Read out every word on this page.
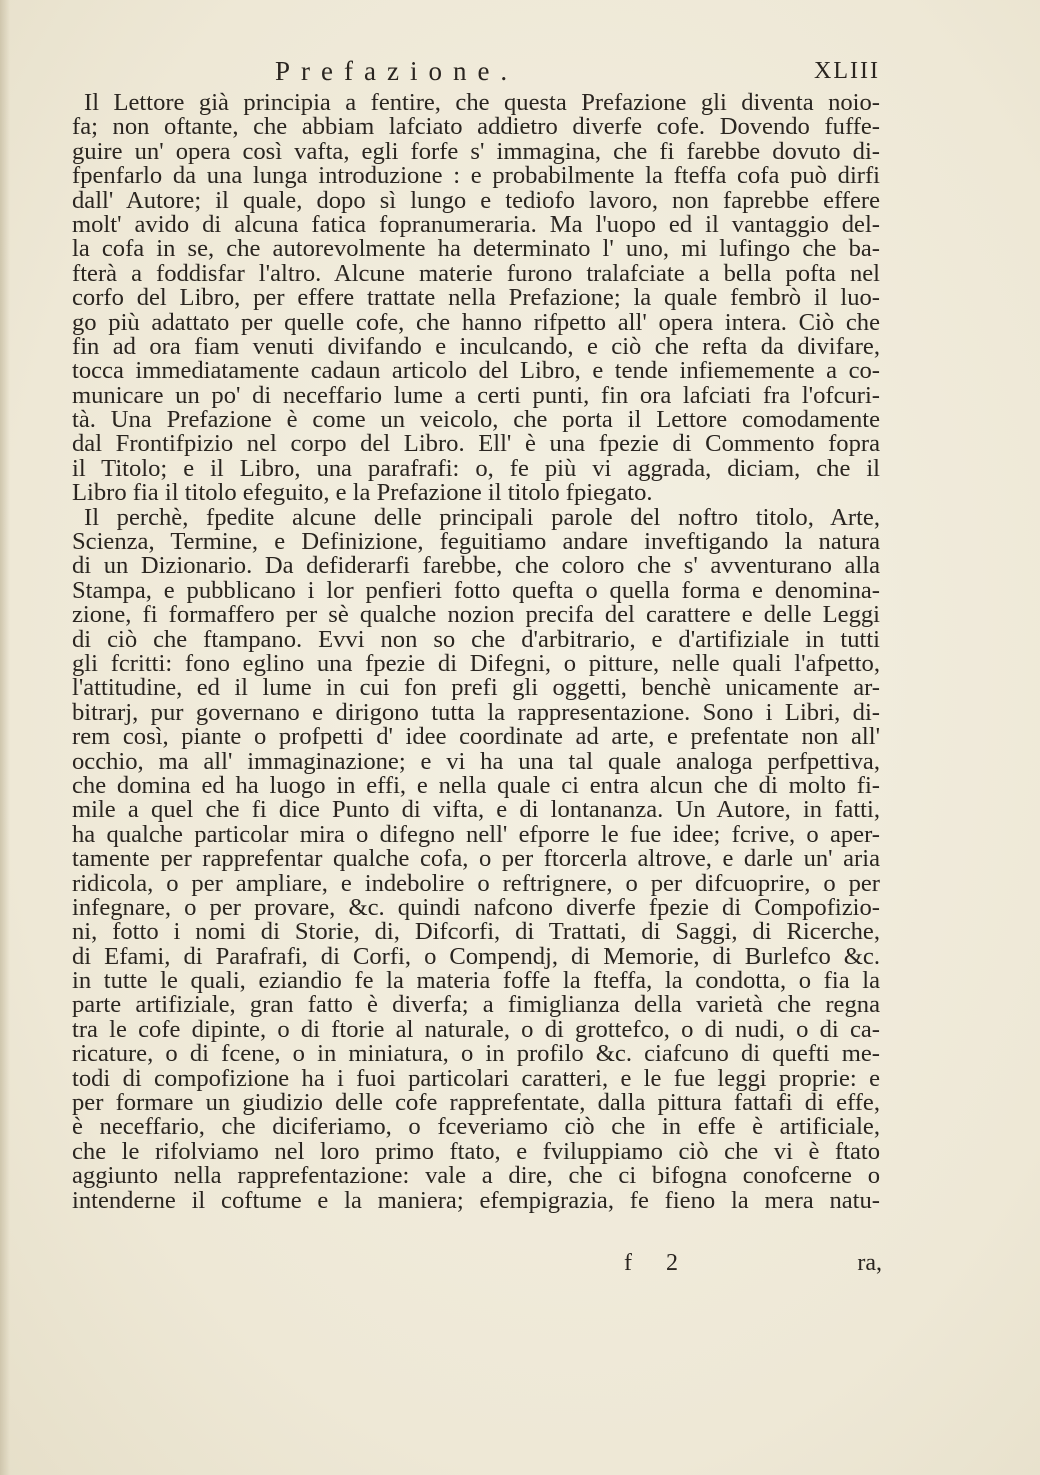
Prefazione.	XLIII
Il Lettore già principia a fentire, che questa Prefazione gli diventa noio-
fa; non oftante, che abbiam lafciato addietro diverfe cofe. Dovendo fuffe-
guire un' opera così vafta, egli forfe s' immagina, che fi farebbe dovuto di-
fpenfarlo da una lunga introduzione : e probabilmente la fteffa cofa può dirfi
dall' Autore; il quale, dopo sì lungo e tediofo lavoro, non faprebbe effere
molt' avido di alcuna fatica fopranumeraria. Ma l'uopo ed il vantaggio del-
la cofa in se, che autorevolmente ha determinato l' uno, mi lufingo che ba-
fterà a foddisfar l'altro. Alcune materie furono tralafciate a bella pofta nel
corfo del Libro, per effere trattate nella Prefazione; la quale fembrò il luo-
go più adattato per quelle cofe, che hanno rifpetto all' opera intera. Ciò che
fin ad ora fiam venuti divifando e inculcando, e ciò che refta da divifare,
tocca immediatamente cadaun articolo del Libro, e tende infiememente a co-
municare un po' di neceffario lume a certi punti, fin ora lafciati fra l'ofcuri-
tà. Una Prefazione è come un veicolo, che porta il Lettore comodamente
dal Frontifpizio nel corpo del Libro. Ell' è una fpezie di Commento fopra
il Titolo; e il Libro, una parafrafi: o, fe più vi aggrada, diciam, che il
Libro fia il titolo efeguito, e la Prefazione il titolo fpiegato.
Il perchè, fpedite alcune delle principali parole del noftro titolo, Arte,
Scienza, Termine, e Definizione, feguitiamo andare inveftigando la natura
di un Dizionario. Da defiderarfi farebbe, che coloro che s' avventurano alla
Stampa, e pubblicano i lor penfieri fotto quefta o quella forma e denomina-
zione, fi formaffero per sè qualche nozion precifa del carattere e delle Leggi
di ciò che ftampano. Evvi non so che d'arbitrario, e d'artifiziale in tutti
gli fcritti: fono eglino una fpezie di Difegni, o pitture, nelle quali l'afpetto,
l'attitudine, ed il lume in cui fon prefi gli oggetti, benchè unicamente ar-
bitrarj, pur governano e dirigono tutta la rappresentazione. Sono i Libri, di-
rem così, piante o profpetti d' idee coordinate ad arte, e prefentate non all'
occhio, ma all' immaginazione; e vi ha una tal quale analoga perfpettiva,
che domina ed ha luogo in effi, e nella quale ci entra alcun che di molto fi-
mile a quel che fi dice Punto di vifta, e di lontananza. Un Autore, in fatti,
ha qualche particolar mira o difegno nell' efporre le fue idee; fcrive, o aper-
tamente per rapprefentar qualche cofa, o per ftorcerla altrove, e darle un' aria
ridicola, o per ampliare, e indebolire o reftrignere, o per difcuoprire, o per
infegnare, o per provare, &c. quindi nafcono diverfe fpezie di Compofizio-
ni, fotto i nomi di Storie, di, Difcorfi, di Trattati, di Saggi, di Ricerche,
di Efami, di Parafrafi, di Corfi, o Compendj, di Memorie, di Burlefco &c.
in tutte le quali, eziandio fe la materia foffe la fteffa, la condotta, o fia la
parte artifiziale, gran fatto è diverfa; a fimiglianza della varietà che regna
tra le cofe dipinte, o di ftorie al naturale, o di grottefco, o di nudi, o di ca-
ricature, o di fcene, o in miniatura, o in profilo &c. ciafcuno di quefti me-
todi di compofizione ha i fuoi particolari caratteri, e le fue leggi proprie: e
per formare un giudizio delle cofe rapprefentate, dalla pittura fattafi di effe,
è neceffario, che diciferiamo, o fceveriamo ciò che in effe è artificiale,
che le rifolviamo nel loro primo ftato, e fviluppiamo ciò che vi è ftato
aggiunto nella rapprefentazione: vale a dire, che ci bifogna conofcerne o
intenderne il coftume e la maniera; efempigrazia, fe fieno la mera natu-
f 2	ra,
